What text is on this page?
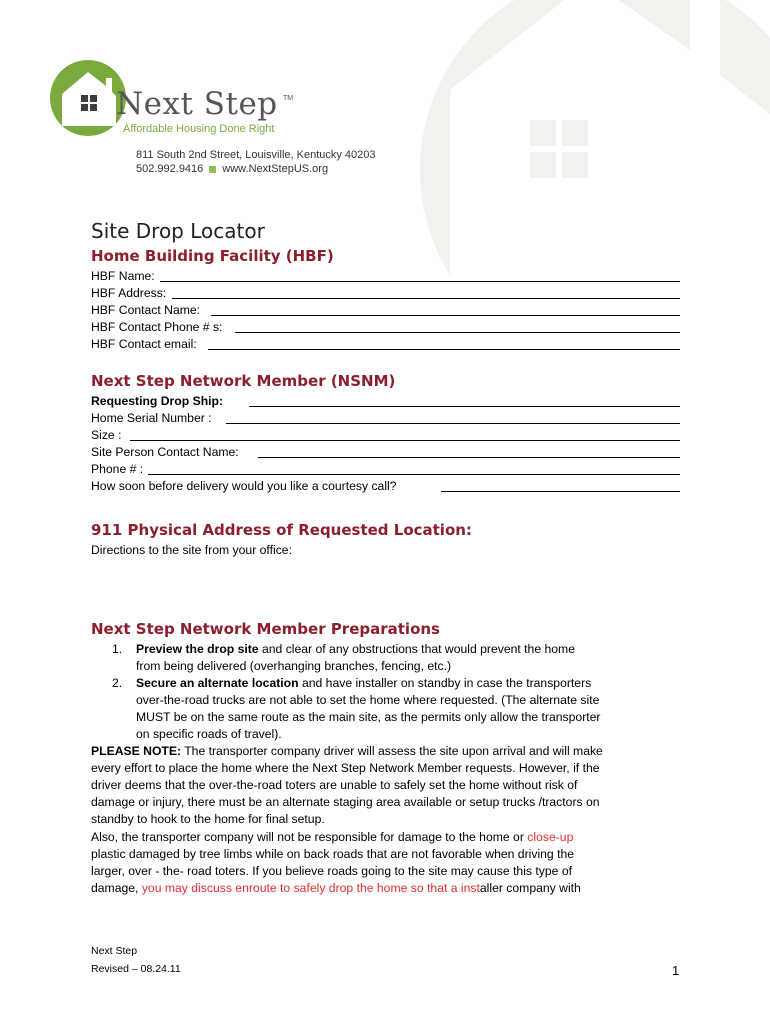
Next Step TM
Affordable Housing Done Right
811 South 2nd Street, Louisville, Kentucky 40203
502.992.9416 www.NextStepUS.org
Site Drop Locator
Home Building Facility (HBF)
HBF Name:
HBF Address:
HBF Contact Name:
HBF Contact Phone # s:
HBF Contact email:
Next Step Network Member (NSNM)
Requesting Drop Ship:
Home Serial Number :
Size :
Site Person Contact Name:
Phone # :
How soon before delivery would you like a courtesy call?
911 Physical Address of Requested Location:
Directions to the site from your office:
Next Step Network Member Preparations
1. Preview the drop site and clear of any obstructions that would prevent the home
from being delivered (overhanging branches, fencing, etc.)
2. Secure an alternate location and have installer on standby in case the transporters
over-the-road trucks are not able to set the home where requested. (The alternate site
MUST be on the same route as the main site, as the permits only allow the transporter
on specific roads of travel).
PLEASE NOTE: The transporter company driver will assess the site upon arrival and will make
every effort to place the home where the Next Step Network Member requests. However, if the
driver deems that the over-the-road toters are unable to safely set the home without risk of
damage or injury, there must be an alternate staging area available or setup trucks /tractors on
standby to hook to the home for final setup.
Also, the transporter company will not be responsible for damage to the home or close-up
plastic damaged by tree limbs while on back roads that are not favorable when driving the
larger, over - the- road toters. If you believe roads going to the site may cause this type of
damage, you may discuss enroute to safely drop the home so that a installer company with
Next Step
Revised – 08.24.11	1
